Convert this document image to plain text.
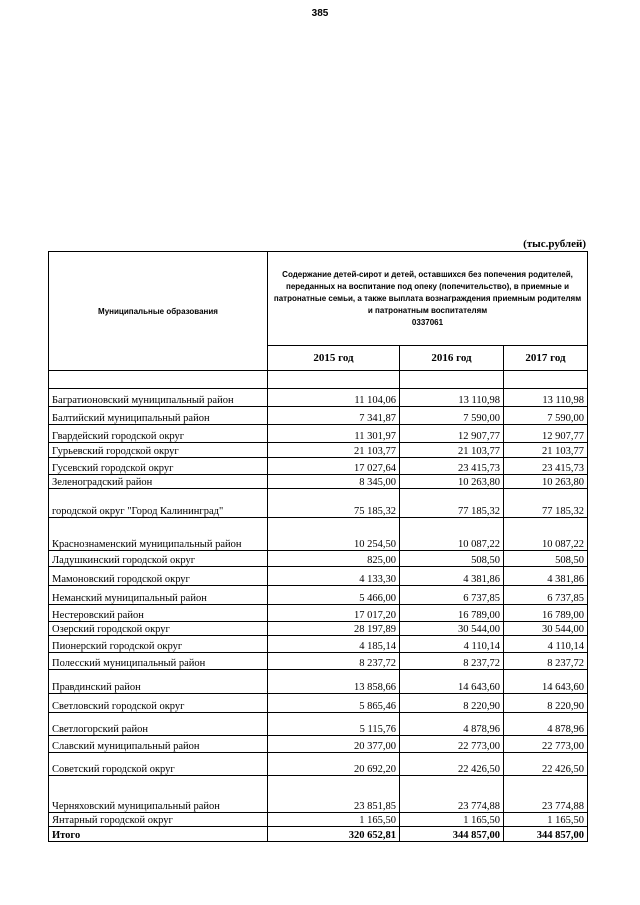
385
(тыс.рублей)
Муниципальные образования	Содержание детей-сирот и детей, оставшихся без попечения родителей, переданных на воспитание под опеку (попечительство), в приемные и патронатные семьи, а также выплата вознаграждения приемным родителям и патронатным воспитателям
0337061		
	2015 год	2016 год	2017 год

Багратионовский муниципальный район	11 104,06	13 110,98	13 110,98
Балтийский муниципальный район	7 341,87	7 590,00	7 590,00
Гвардейский городской округ	11 301,97	12 907,77	12 907,77
Гурьевский городской округ	21 103,77	21 103,77	21 103,77
Гусевский городской округ	17 027,64	23 415,73	23 415,73
Зеленоградский район	8 345,00	10 263,80	10 263,80
городской округ "Город Калининград"	75 185,32	77 185,32	77 185,32
Краснознаменский муниципальный район	10 254,50	10 087,22	10 087,22
Ладушкинский городской округ	825,00	508,50	508,50
Мамоновский городской округ	4 133,30	4 381,86	4 381,86
Неманский муниципальный район	5 466,00	6 737,85	6 737,85
Нестеровский район	17 017,20	16 789,00	16 789,00
Озерский городской округ	28 197,89	30 544,00	30 544,00
Пионерский городской округ	4 185,14	4 110,14	4 110,14
Полесский муниципальный район	8 237,72	8 237,72	8 237,72
Правдинский район	13 858,66	14 643,60	14 643,60
Светловский городской округ	5 865,46	8 220,90	8 220,90
Светлогорский район	5 115,76	4 878,96	4 878,96
Славский муниципальный район	20 377,00	22 773,00	22 773,00
Советский городской округ	20 692,20	22 426,50	22 426,50
Черняховский муниципальный район	23 851,85	23 774,88	23 774,88
Янтарный городской округ	1 165,50	1 165,50	1 165,50
Итого	320 652,81	344 857,00	344 857,00
